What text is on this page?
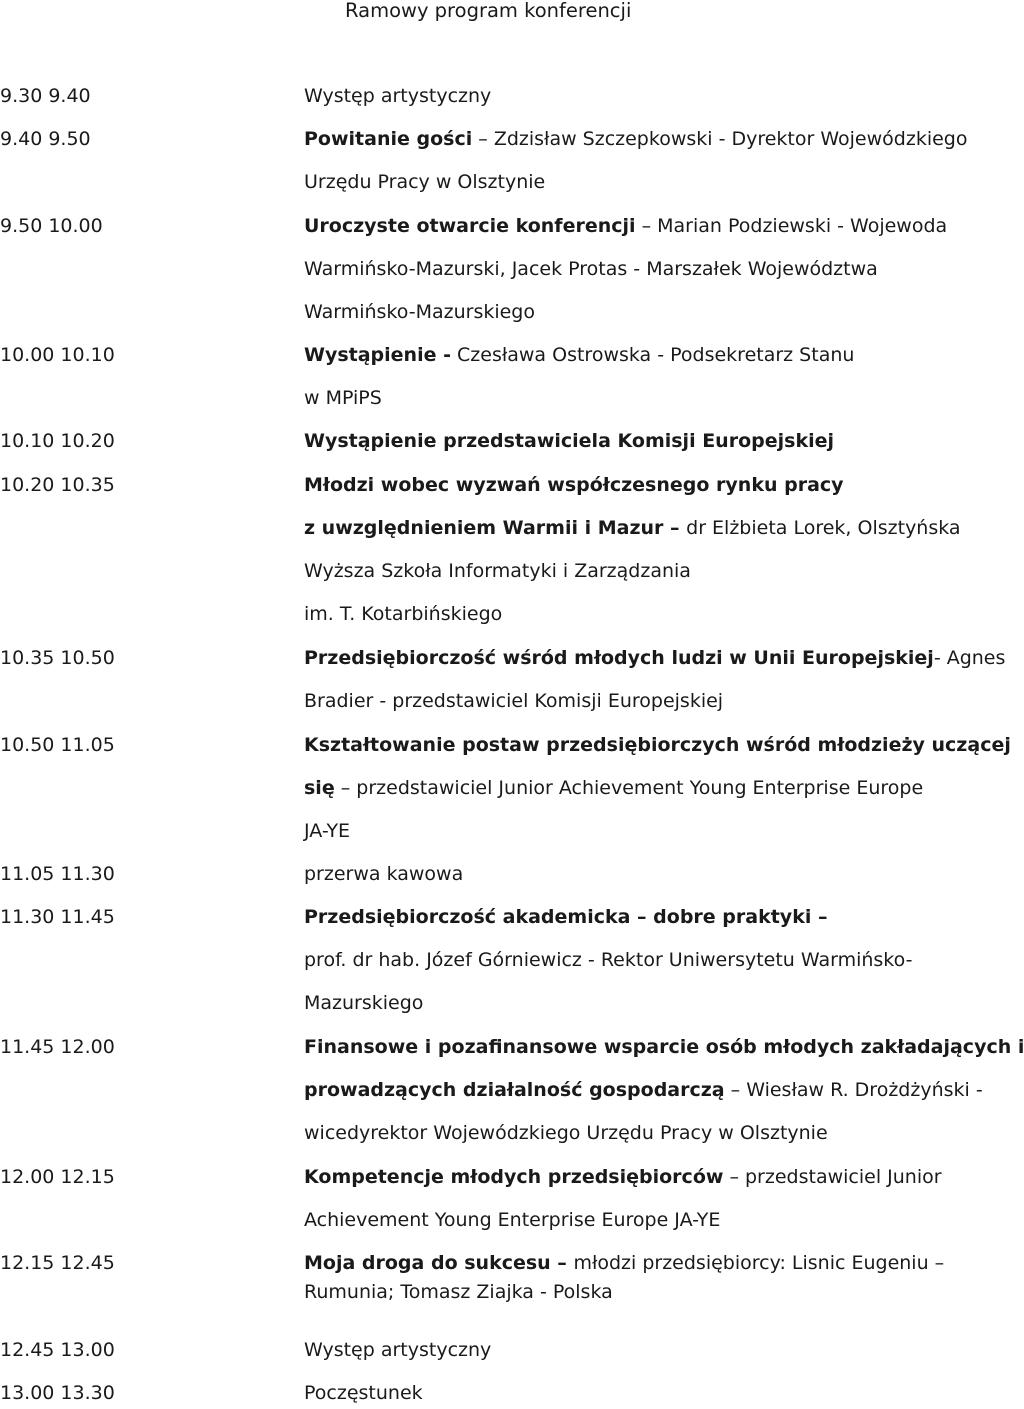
Ramowy program konferencji
9.30 9.40	Występ artystyczny
9.40 9.50	Powitanie gości – Zdzisław Szczepkowski - Dyrektor Wojewódzkiego
Urzędu Pracy w Olsztynie
9.50 10.00	Uroczyste otwarcie konferencji – Marian Podziewski - Wojewoda
Warmińsko-Mazurski, Jacek Protas - Marszałek Województwa
Warmińsko-Mazurskiego
10.00 10.10	Wystąpienie - Czesława Ostrowska - Podsekretarz Stanu
w MPiPS
10.10 10.20	Wystąpienie przedstawiciela Komisji Europejskiej
10.20 10.35	Młodzi wobec wyzwań współczesnego rynku pracy
z uwzględnieniem Warmii i Mazur – dr Elżbieta Lorek, Olsztyńska
Wyższa Szkoła Informatyki i Zarządzania
im. T. Kotarbińskiego
10.35 10.50	Przedsiębiorczość wśród młodych ludzi w Unii Europejskiej- Agnes
Bradier - przedstawiciel Komisji Europejskiej
10.50 11.05	Kształtowanie postaw przedsiębiorczych wśród młodzieży uczącej
się – przedstawiciel Junior Achievement Young Enterprise Europe
JA-YE
11.05 11.30	przerwa kawowa
11.30 11.45	Przedsiębiorczość akademicka – dobre praktyki –
prof. dr hab. Józef Górniewicz - Rektor Uniwersytetu Warmińsko-
Mazurskiego
11.45 12.00	Finansowe i pozafinansowe wsparcie osób młodych zakładających i
prowadzących działalność gospodarczą – Wiesław R. Drożdżyński -
wicedyrektor Wojewódzkiego Urzędu Pracy w Olsztynie
12.00 12.15	Kompetencje młodych przedsiębiorców – przedstawiciel Junior
Achievement Young Enterprise Europe JA-YE
12.15 12.45	Moja droga do sukcesu – młodzi przedsiębiorcy: Lisnic Eugeniu –
Rumunia; Tomasz Ziajka - Polska
12.45 13.00	Występ artystyczny
13.00 13.30	Poczęstunek
